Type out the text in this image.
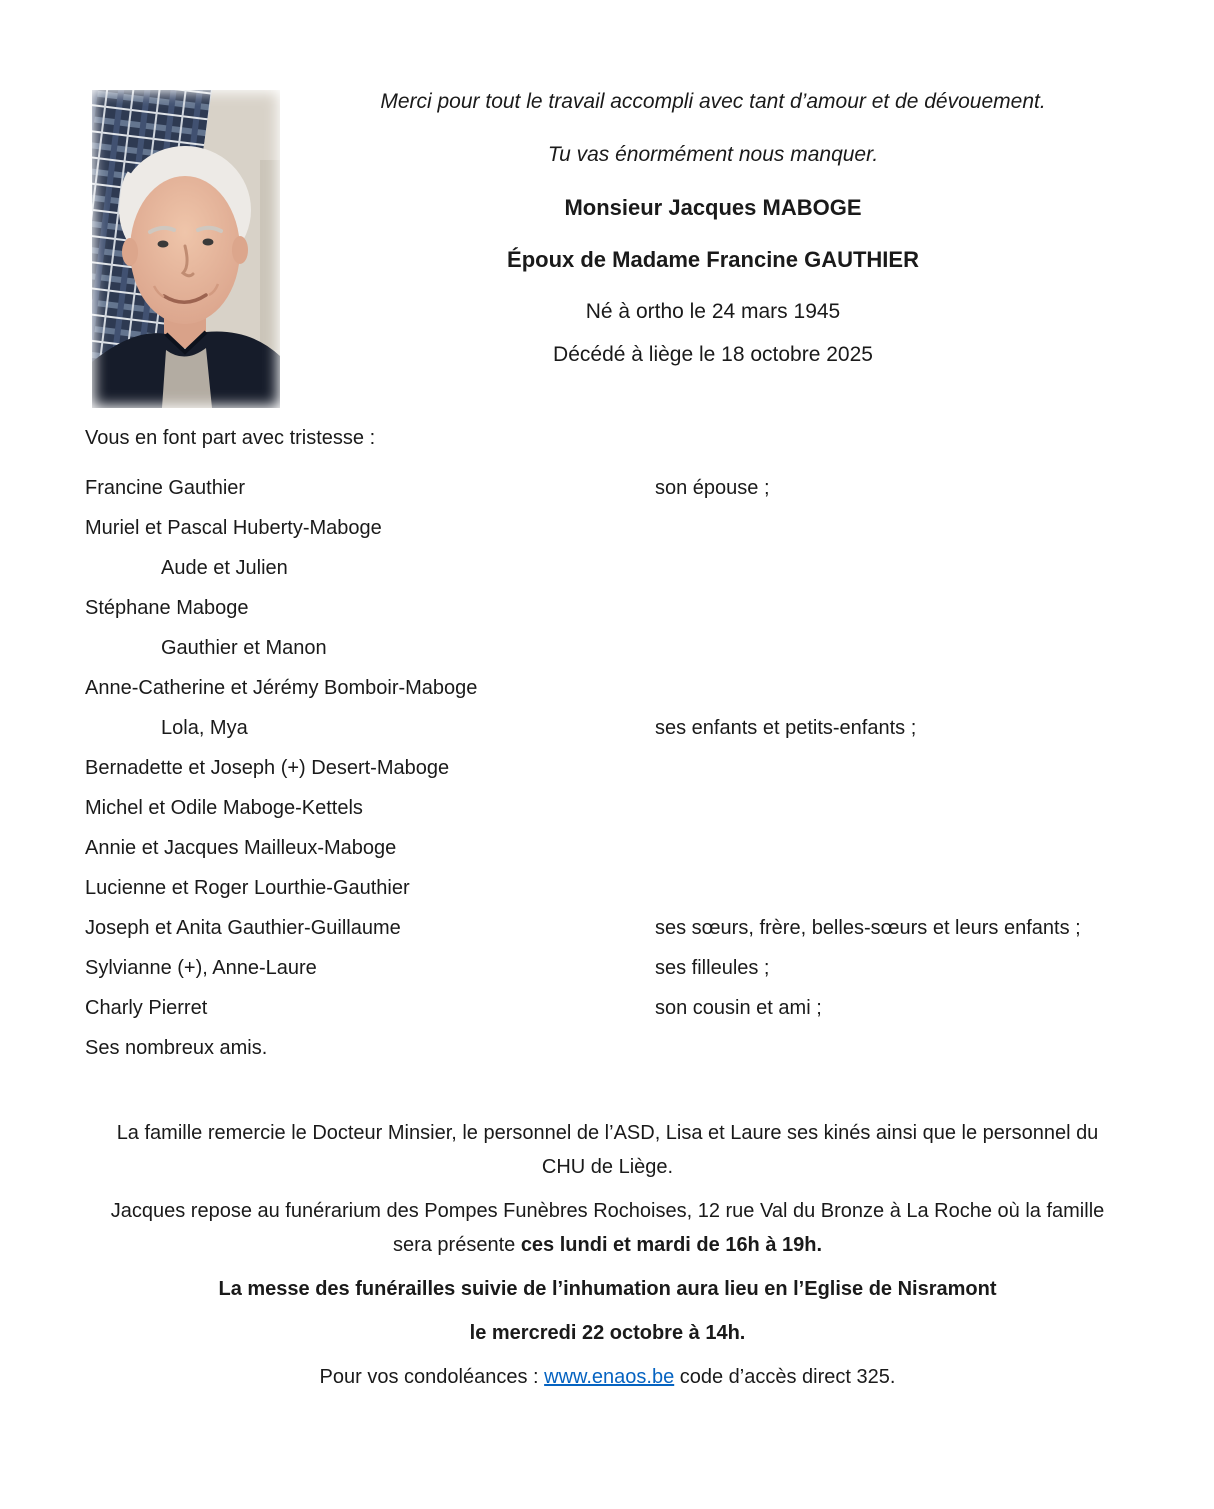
Merci pour tout le travail accompli avec tant d’amour et de dévouement.
Tu vas énormément nous manquer.
Monsieur Jacques MABOGE
Époux de Madame Francine GAUTHIER
Né à ortho le 24 mars 1945
Décédé à liège le 18 octobre 2025
Vous en font part avec tristesse :
Francine Gauthier	son épouse ;
Muriel et Pascal Huberty-Maboge
Aude et Julien
Stéphane Maboge
Gauthier et Manon
Anne-Catherine et Jérémy Bomboir-Maboge
Lola, Mya	ses enfants et petits-enfants ;
Bernadette et Joseph (+) Desert-Maboge
Michel et Odile Maboge-Kettels
Annie et Jacques Mailleux-Maboge
Lucienne et Roger Lourthie-Gauthier
Joseph et Anita Gauthier-Guillaume	ses sœurs, frère, belles-sœurs et leurs enfants ;
Sylvianne (+), Anne-Laure	ses filleules ;
Charly Pierret	son cousin et ami ;
Ses nombreux amis.

La famille remercie le Docteur Minsier, le personnel de l’ASD, Lisa et Laure ses kinés ainsi que le personnel du CHU de Liège.

Jacques repose au funérarium des Pompes Funèbres Rochoises, 12 rue Val du Bronze à La Roche où la famille sera présente ces lundi et mardi de 16h à 19h.

La messe des funérailles suivie de l’inhumation aura lieu en l’Eglise de Nisramont

le mercredi 22 octobre à 14h.

Pour vos condoléances : www.enaos.be code d’accès direct 325.
